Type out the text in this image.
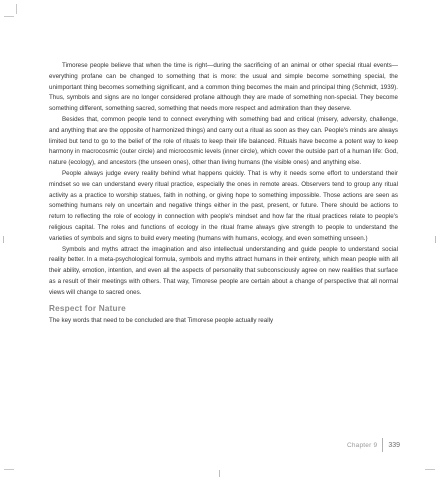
Timorese people believe that when the time is right—during the sacrificing of an animal or other special ritual events—everything profane can be changed to something that is more: the usual and simple become something special, the unimportant thing becomes something significant, and a common thing becomes the main and principal thing (Schmidt, 1939). Thus, symbols and signs are no longer considered profane although they are made of something non-special. They become something different, something sacred, something that needs more respect and admiration than they deserve.

Besides that, common people tend to connect everything with something bad and critical (misery, adversity, challenge, and anything that are the opposite of harmonized things) and carry out a ritual as soon as they can. People's minds are always limited but tend to go to the belief of the role of rituals to keep their life balanced. Rituals have become a potent way to keep harmony in macrocosmic (outer circle) and microcosmic levels (inner circle), which cover the outside part of a human life: God, nature (ecology), and ancestors (the unseen ones), other than living humans (the visible ones) and anything else.

People always judge every reality behind what happens quickly. That is why it needs some effort to understand their mindset so we can understand every ritual practice, especially the ones in remote areas. Observers tend to group any ritual activity as a practice to worship statues, faith in nothing, or giving hope to something impossible. Those actions are seen as something humans rely on uncertain and negative things either in the past, present, or future. There should be actions to return to reflecting the role of ecology in connection with people's mindset and how far the ritual practices relate to people's religious capital. The roles and functions of ecology in the ritual frame always give strength to people to understand the varieties of symbols and signs to build every meeting (humans with humans, ecology, and even something unseen.)

Symbols and myths attract the imagination and also intellectual understanding and guide people to understand social reality better. In a meta-psychological formula, symbols and myths attract humans in their entirety, which mean people with all their ability, emotion, intention, and even all the aspects of personality that subconsciously agree on new realities that surface as a result of their meetings with others. That way, Timorese people are certain about a change of perspective that all normal views will change to sacred ones.

Respect for Nature

The key words that need to be concluded are that Timorese people actually really

Chapter 9 339
